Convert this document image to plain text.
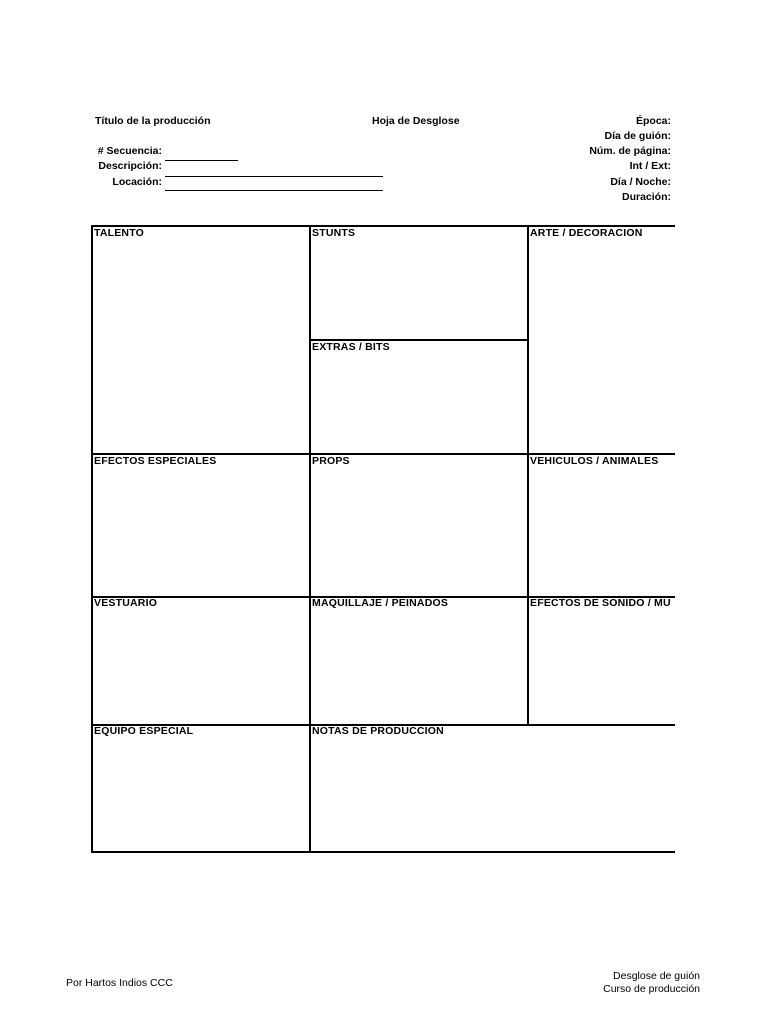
Título de la producción	Hoja de Desglose	Época:
Día de guión:
Núm. de página:
Int / Ext:
Día / Noche:
Duración:
# Secuencia:
Descripción:
Locación:
TALENTO	STUNTS	ARTE / DECORACION
EXTRAS / BITS
EFECTOS ESPECIALES	PROPS	VEHICULOS / ANIMALES
VESTUARIO	MAQUILLAJE / PEINADOS	EFECTOS DE SONIDO / MU
EQUIPO ESPECIAL	NOTAS DE PRODUCCION
Por Hartos Indios CCC
Desglose de guión
Curso de producción
